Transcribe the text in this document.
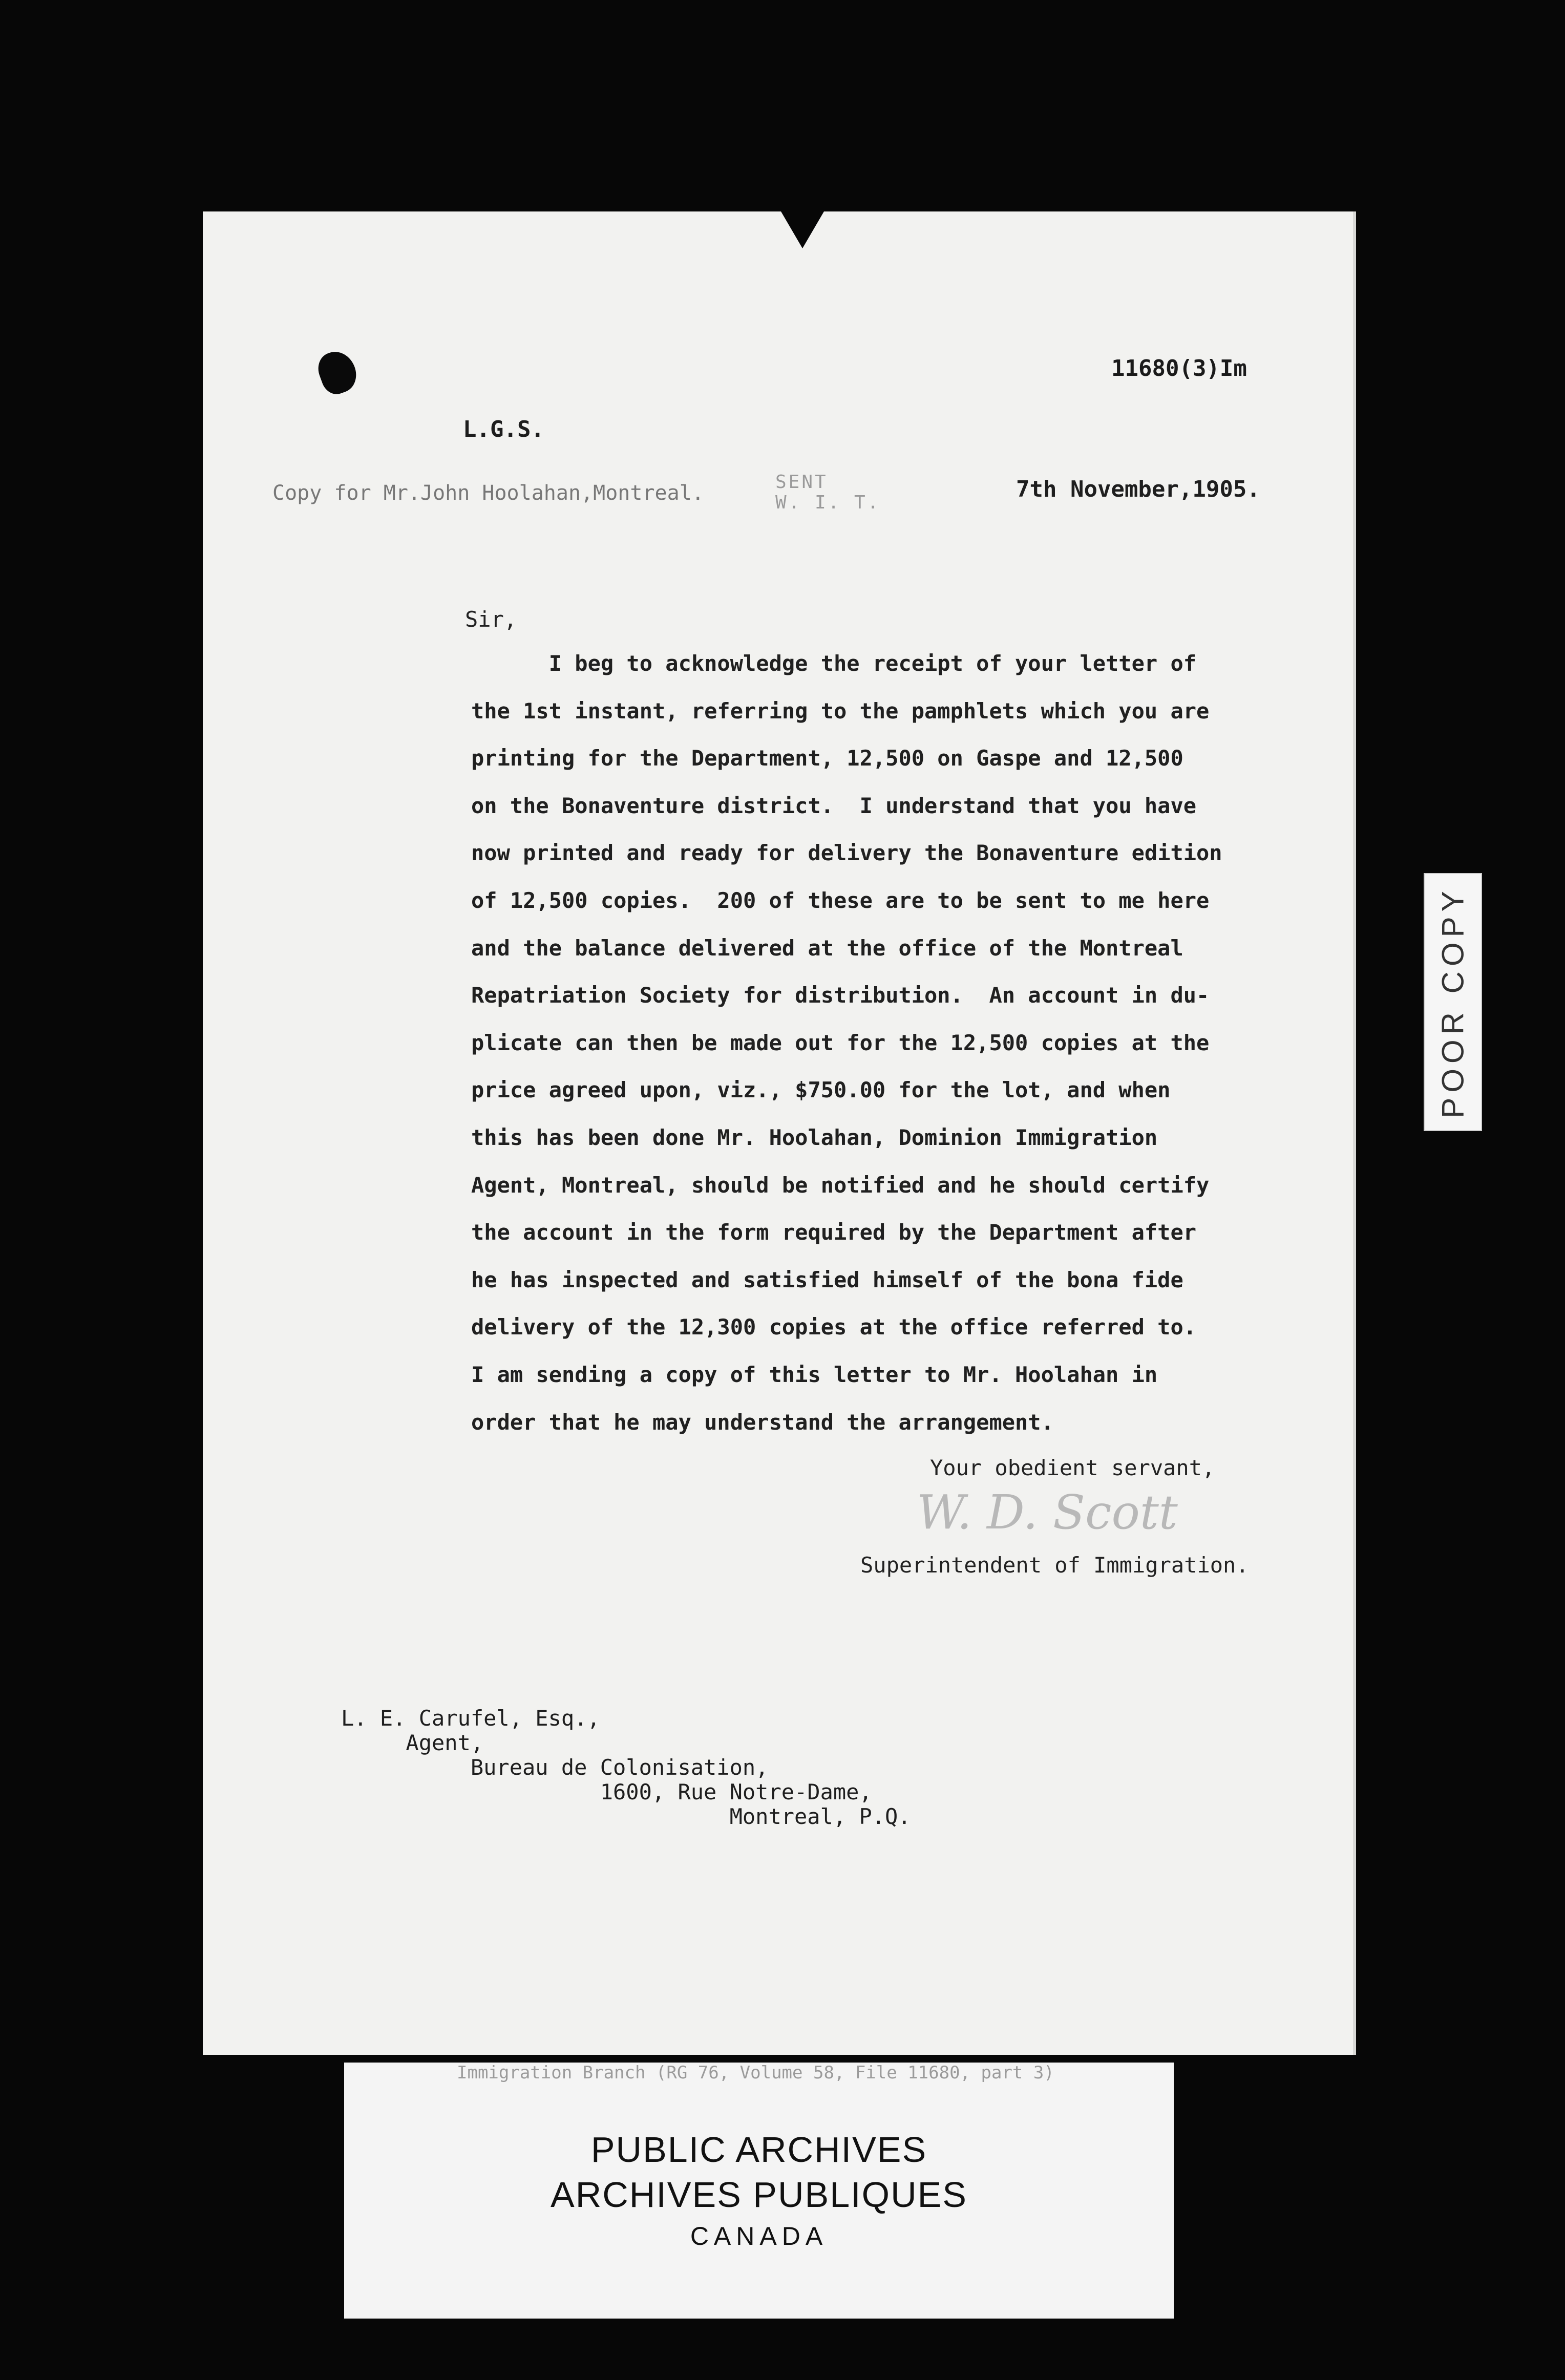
11680(3)Im
L.G.S.
Copy for Mr.John Hoolahan,Montreal.	SENT
W. I. T.
7th November,1905.
Sir,
I beg to acknowledge the receipt of your letter of
the 1st instant, referring to the pamphlets which you are
printing for the Department, 12,500 on Gaspe and 12,500
on the Bonaventure district.  I understand that you have
now printed and ready for delivery the Bonaventure edition
of 12,500 copies.  200 of these are to be sent to me here
and the balance delivered at the office of the Montreal
Repatriation Society for distribution.  An account in du-
plicate can then be made out for the 12,500 copies at the
price agreed upon, viz., $750.00 for the lot, and when
this has been done Mr. Hoolahan, Dominion Immigration
Agent, Montreal, should be notified and he should certify
the account in the form required by the Department after
he has inspected and satisfied himself of the bona fide
delivery of the 12,300 copies at the office referred to.
I am sending a copy of this letter to Mr. Hoolahan in
order that he may understand the arrangement.
Your obedient servant,
W. D. Scott
Superintendent of Immigration.
L. E. Carufel, Esq.,
Agent,
Bureau de Colonisation,
1600, Rue Notre-Dame,
Montreal, P.Q.
POOR COPY
Immigration Branch (RG 76, Volume 58, File 11680, part 3)
PUBLIC ARCHIVES
ARCHIVES PUBLIQUES
CANADA
